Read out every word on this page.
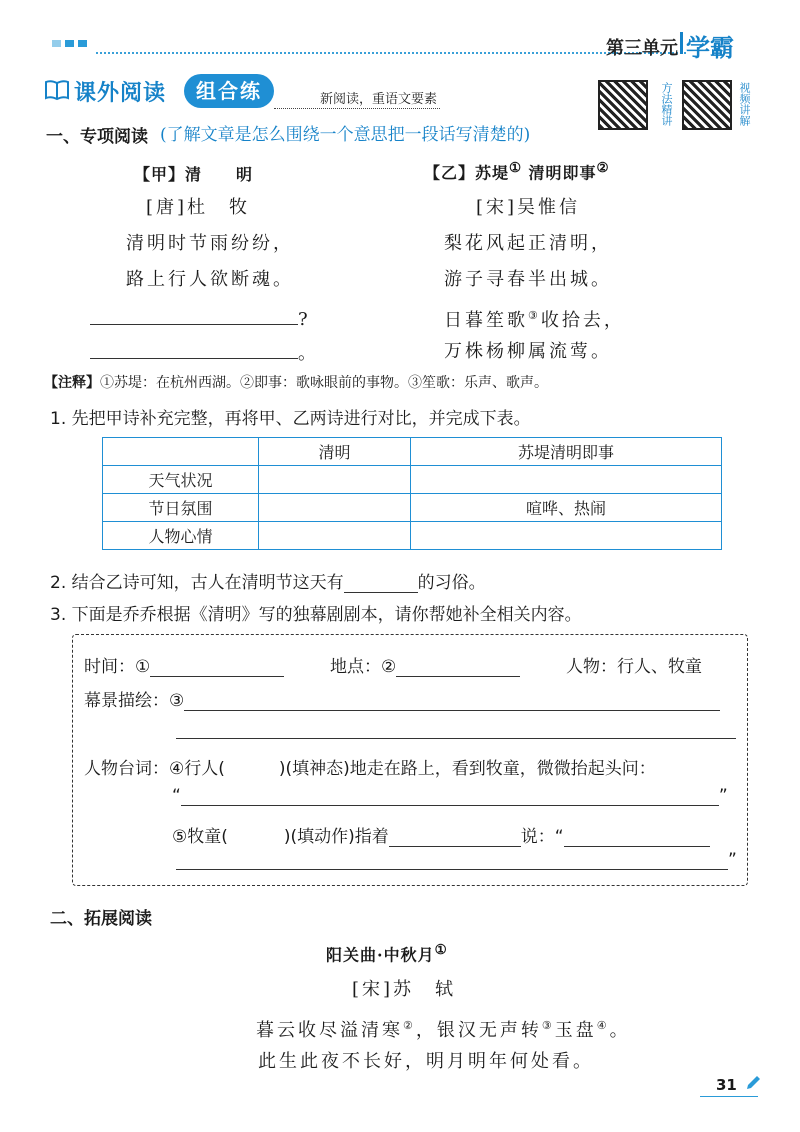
第三单元 学霸
课外阅读	组合练	新阅读，重语文要素	方法精讲	视频讲解
一、专项阅读 (了解文章是怎么围绕一个意思把一段话写清楚的)
【甲】清　　明
[唐]杜　牧
清明时节雨纷纷，
路上行人欲断魂。
?
。
【乙】苏堤① 清明即事②
[宋]吴惟信
梨花风起正清明，
游子寻春半出城。
日暮笙歌③收拾去，
万株杨柳属流莺。
【注释】①苏堤：在杭州西湖。②即事：歌咏眼前的事物。③笙歌：乐声、歌声。
1. 先把甲诗补充完整，再将甲、乙两诗进行对比，并完成下表。
	清明	苏堤清明即事
天气状况		
节日氛围		喧哗、热闹
人物心情		
2. 结合乙诗可知，古人在清明节这天有	的习俗。
3. 下面是乔乔根据《清明》写的独幕剧剧本，请你帮她补全相关内容。
时间：①	地点：②	人物：行人、牧童
幕景描绘：③
人物台词：④行人(	)(填神态)地走在路上，看到牧童，微微抬起头问：
“	”
⑤牧童(	)(填动作)指着	说：“
”
二、拓展阅读
阳关曲·中秋月①
[宋]苏　轼
暮云收尽溢清寒②，银汉无声转③玉盘④。
此生此夜不长好，明月明年何处看。
31
